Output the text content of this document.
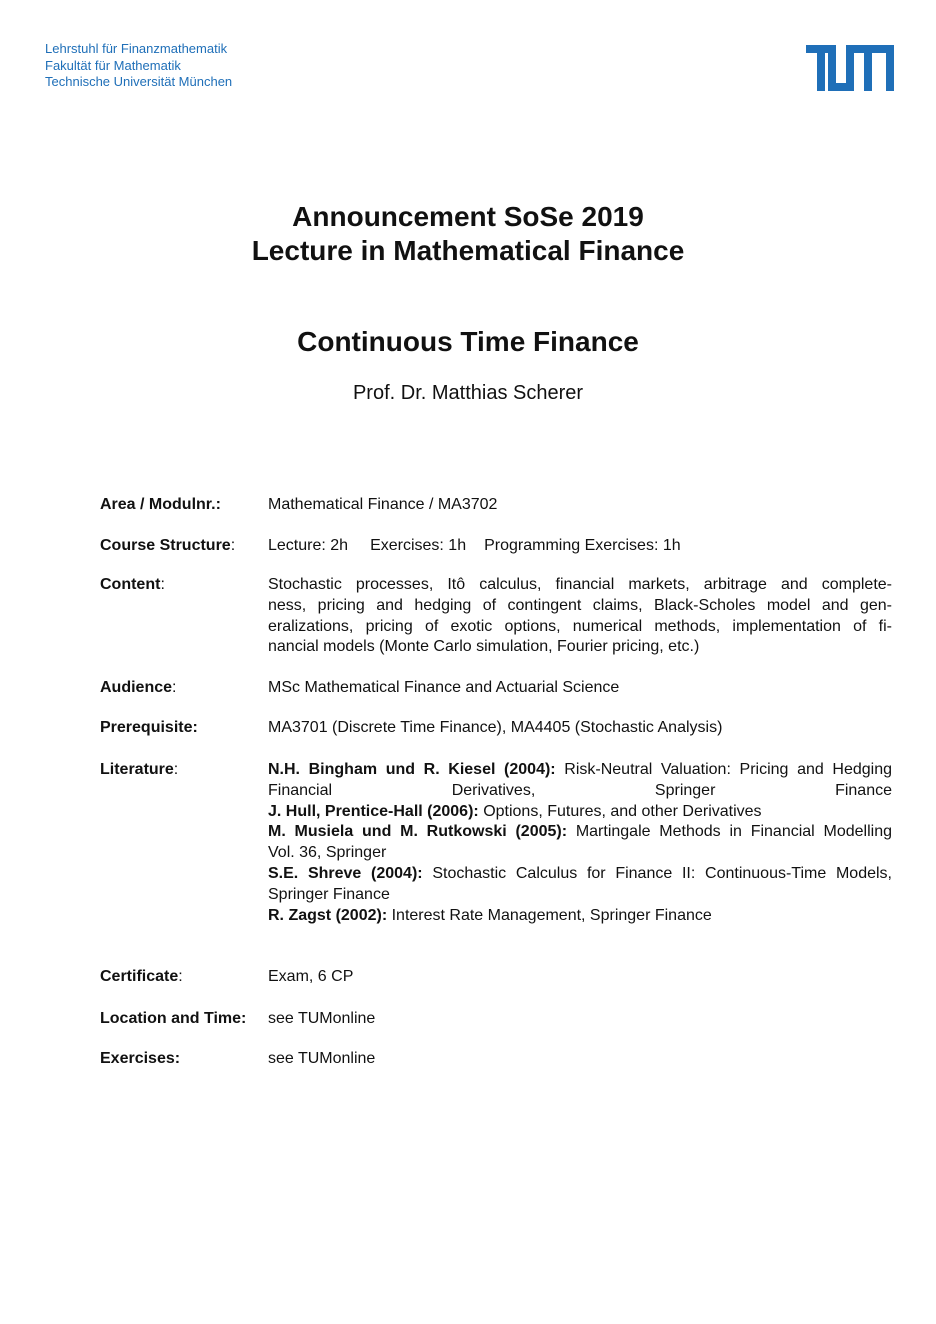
Lehrstuhl für Finanzmathematik
Fakultät für Mathematik
Technische Universität München
Announcement SoSe 2019
Lecture in Mathematical Finance
Continuous Time Finance
Prof. Dr. Matthias Scherer
Area / Modulnr.:	Mathematical Finance / MA3702
Course Structure:	Lecture: 2h Exercises: 1h Programming Exercises: 1h
Content:	Stochastic processes, Itô calculus, financial markets, arbitrage and complete-
ness, pricing and hedging of contingent claims, Black-Scholes model and gen-
eralizations, pricing of exotic options, numerical methods, implementation of fi-
nancial models (Monte Carlo simulation, Fourier pricing, etc.)
Audience:	MSc Mathematical Finance and Actuarial Science
Prerequisite:	MA3701 (Discrete Time Finance), MA4405 (Stochastic Analysis)
Literature:	N.H. Bingham und R. Kiesel (2004): Risk-Neutral Valuation: Pricing and Hedging
Financial	Derivatives,	Springer	Finance
J. Hull, Prentice-Hall (2006): Options, Futures, and other Derivatives
M. Musiela und M. Rutkowski (2005): Martingale Methods in Financial Modelling
Vol. 36, Springer
S.E. Shreve (2004): Stochastic Calculus for Finance II: Continuous-Time Models,
Springer Finance
R. Zagst (2002): Interest Rate Management, Springer Finance
Certificate:	Exam, 6 CP
Location and Time:	see TUMonline
Exercises:	see TUMonline
